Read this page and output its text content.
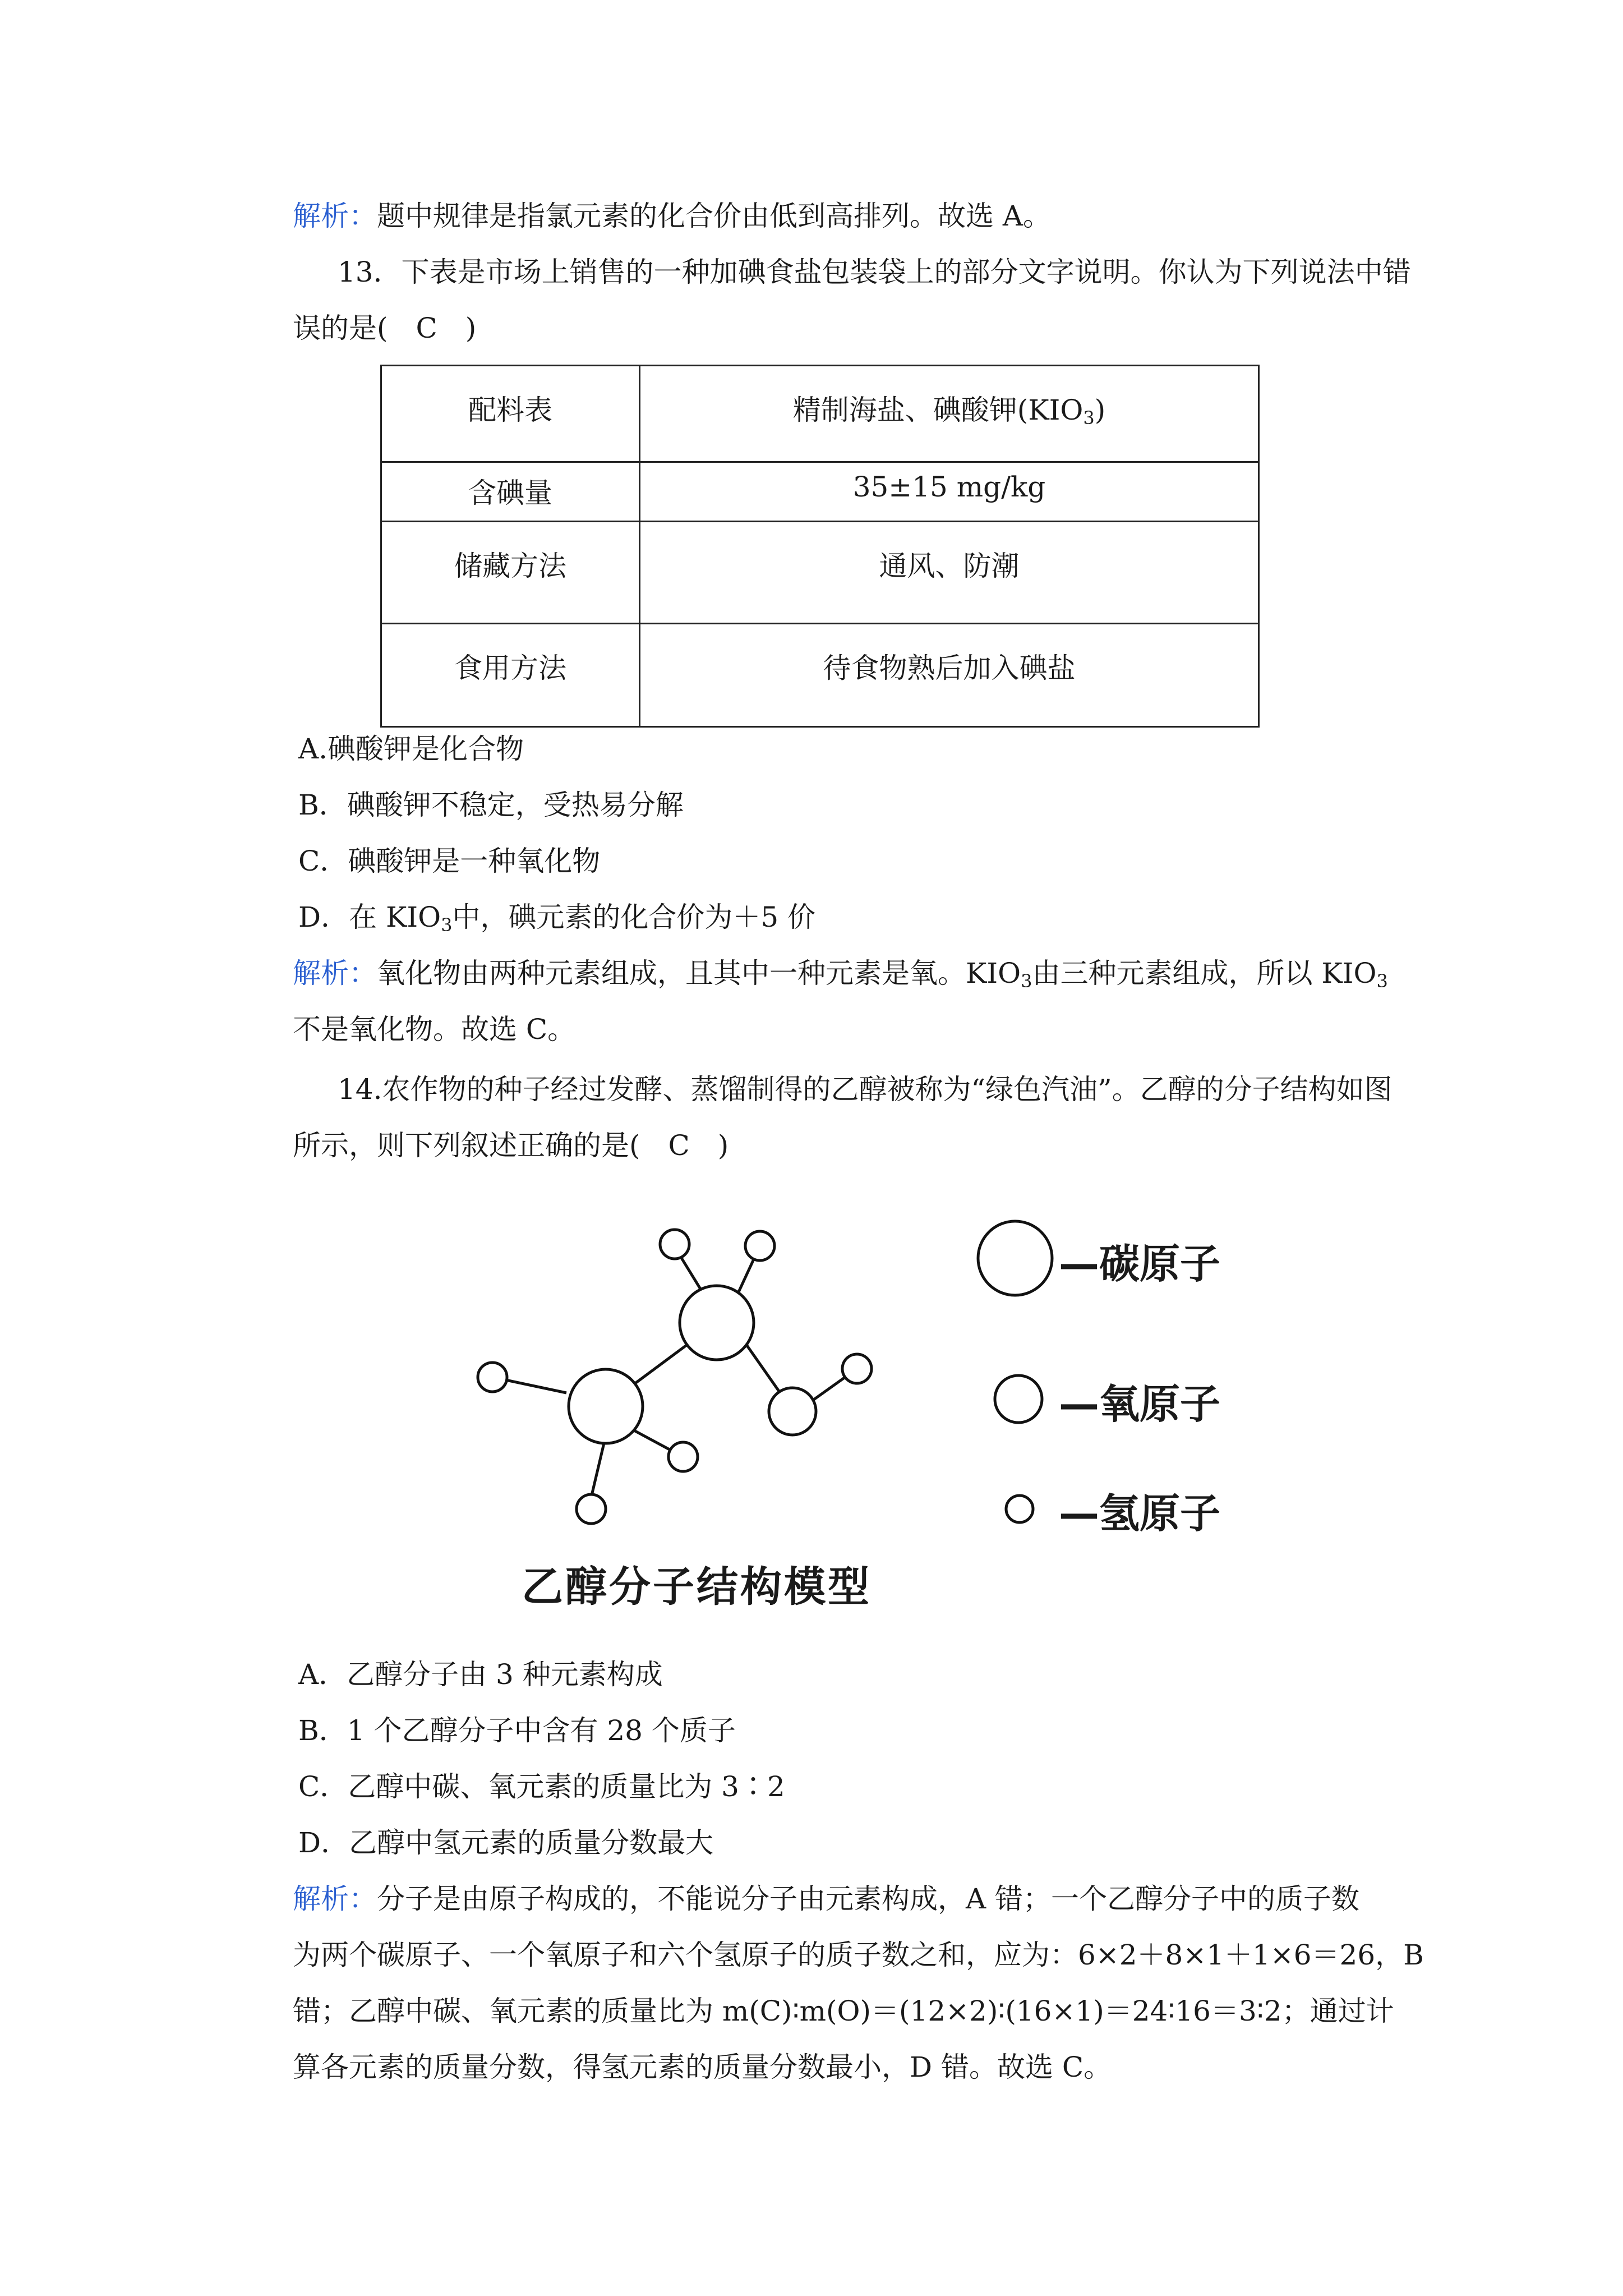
解析：题中规律是指氯元素的化合价由低到高排列。故选 A。
13．下表是市场上销售的一种加碘食盐包装袋上的部分文字说明。你认为下列说法中错
误的是(　C　)
配料表	精制海盐、碘酸钾$(KIO_3)$
含碘量	35±15 mg/kg
储藏方法	通风、防潮
食用方法	待食物熟后加入碘盐
A.碘酸钾是化合物
B．碘酸钾不稳定，受热易分解
C．碘酸钾是一种氧化物
D．在 $KIO_3$中，碘元素的化合价为＋5 价
解析：氧化物由两种元素组成，且其中一种元素是氧。$KIO_3$由三种元素组成，所以 $KIO_3$
不是氧化物。故选 C。
14.农作物的种子经过发酵、蒸馏制得的乙醇被称为“绿色汽油”。乙醇的分子结构如图
所示，则下列叙述正确的是(　C　)
—碳原子
—氧原子
—氢原子
乙醇分子结构模型
A．乙醇分子由 3 种元素构成
B．1 个乙醇分子中含有 28 个质子
C．乙醇中碳、氧元素的质量比为 3∶2
D．乙醇中氢元素的质量分数最大
解析：分子是由原子构成的，不能说分子由元素构成，A 错；一个乙醇分子中的质子数
为两个碳原子、一个氧原子和六个氢原子的质子数之和，应为：6×2＋8×1＋1×6＝26，B
错；乙醇中碳、氧元素的质量比为 m(C)∶m(O)＝(12×2)∶(16×1)＝24∶16＝3∶2；通过计
算各元素的质量分数，得氢元素的质量分数最小，D 错。故选 C。
